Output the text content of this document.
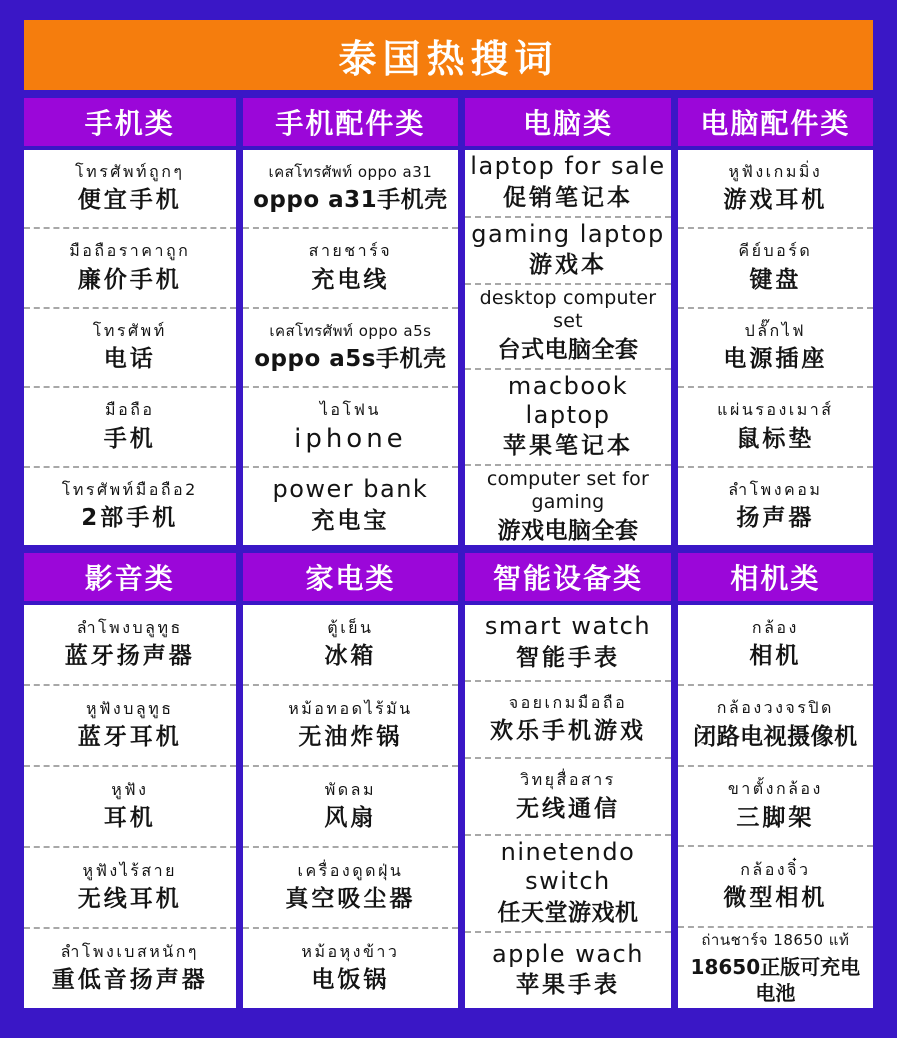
泰国热搜词
手机类
โทรศัพท์ถูกๆ
便宜手机
มือถือราคาถูก
廉价手机
โทรศัพท์
电话
มือถือ
手机
โทรศัพท์มือถือ2
2部手机
手机配件类
เคสโทรศัพท์ oppo a31
oppo a31手机壳
สายชาร์จ
充电线
เคสโทรศัพท์ oppo a5s
oppo a5s手机壳
ไอโฟน
iphone
power bank
充电宝
电脑类
laptop for sale
促销笔记本
gaming laptop
游戏本
desktop computer set
台式电脑全套
macbook laptop
苹果笔记本
computer set for gaming
游戏电脑全套
电脑配件类
หูฟังเกมมิ่ง
游戏耳机
คีย์บอร์ด
键盘
ปลั๊กไฟ
电源插座
แผ่นรองเมาส์
鼠标垫
ลำโพงคอม
扬声器
影音类
ลำโพงบลูทูธ
蓝牙扬声器
หูฟังบลูทูธ
蓝牙耳机
หูฟัง
耳机
หูฟังไร้สาย
无线耳机
ลำโพงเบสหนักๆ
重低音扬声器
家电类
ตู้เย็น
冰箱
หม้อทอดไร้มัน
无油炸锅
พัดลม
风扇
เครื่องดูดฝุ่น
真空吸尘器
หม้อหุงข้าว
电饭锅
智能设备类
smart watch
智能手表
จอยเกมมือถือ
欢乐手机游戏
วิทยุสื่อสาร
无线通信
ninetendo switch
任天堂游戏机
apple wach
苹果手表
相机类
กล้อง
相机
กล้องวงจรปิด
闭路电视摄像机
ขาตั้งกล้อง
三脚架
กล้องจิ๋ว
微型相机
ถ่านชาร์จ 18650 แท้
18650正版可充电电池
